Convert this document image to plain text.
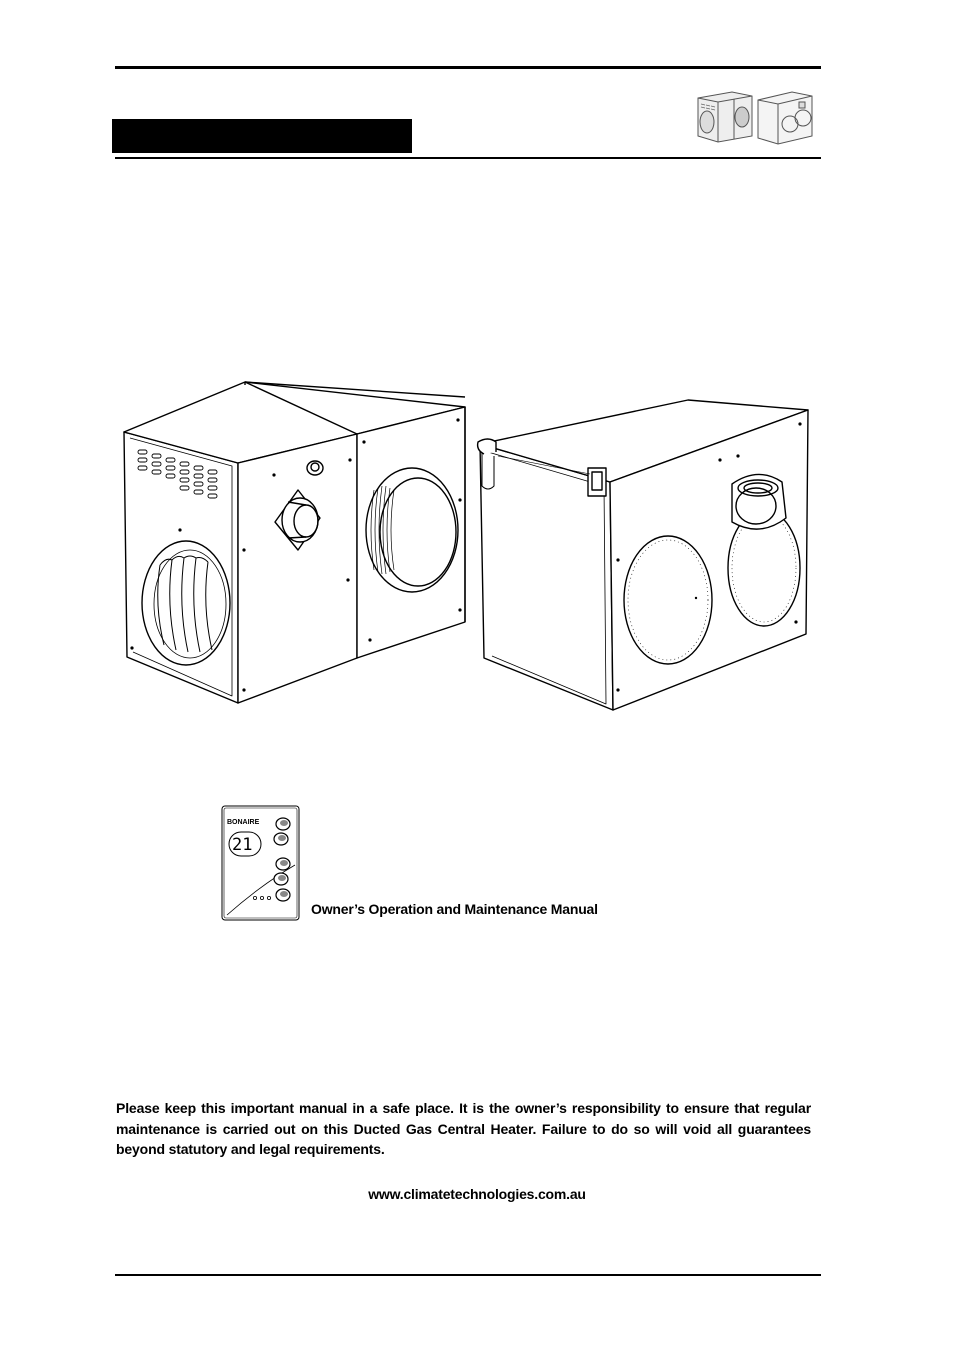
21
BONAIRE
Owner’s Operation and Maintenance Manual

Please keep this important manual in a safe place. It is the owner’s responsibility to ensure that regular maintenance is carried out on this Ducted Gas Central Heater. Failure to do so will void all guarantees beyond statutory and legal requirements.

www.climatetechnologies.com.au
